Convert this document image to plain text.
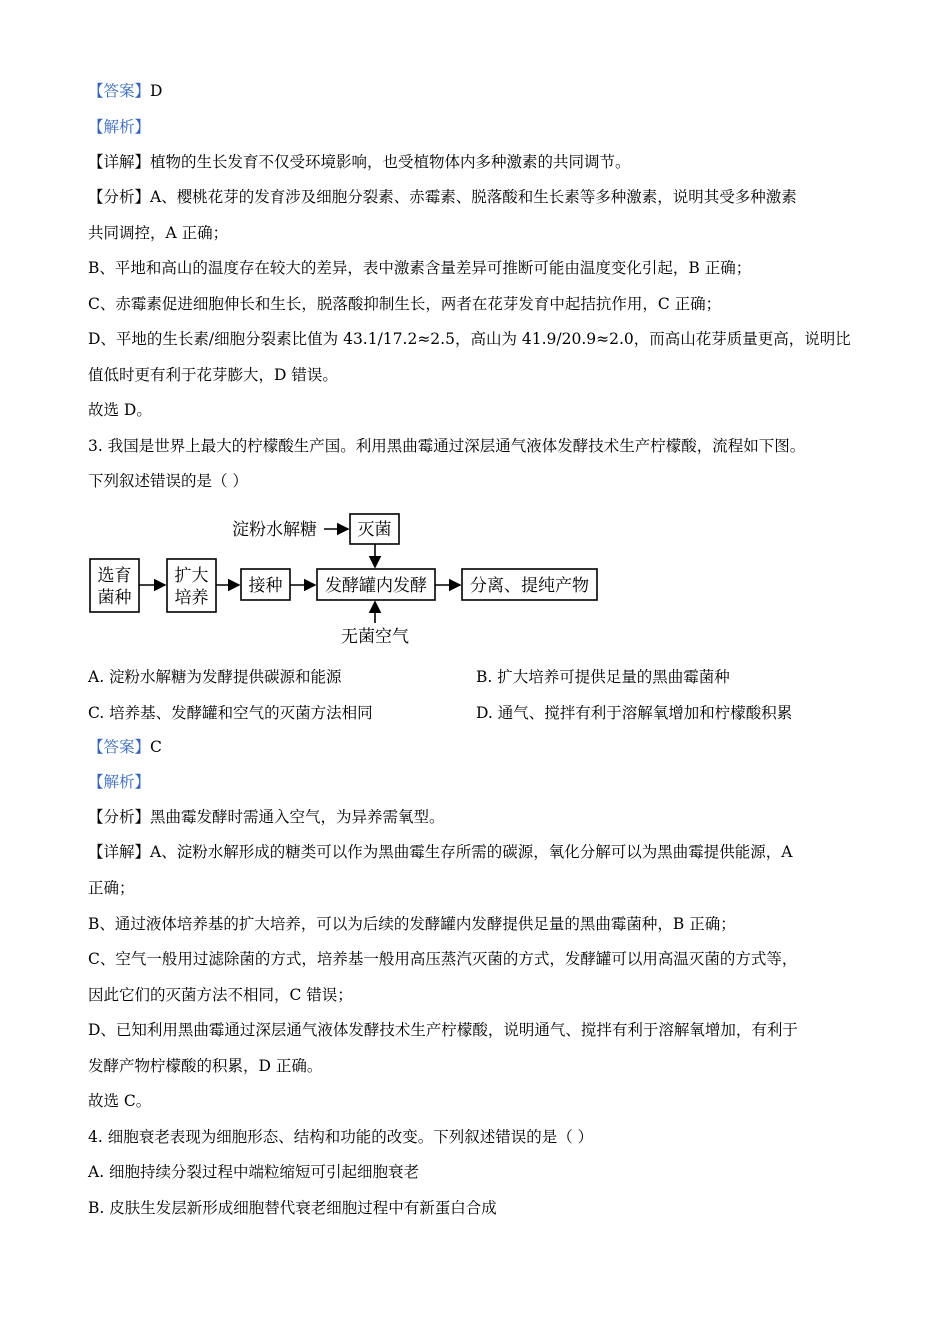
【答案】D
【解析】
【详解】植物的生长发育不仅受环境影响，也受植物体内多种激素的共同调节。
【分析】A、樱桃花芽的发育涉及细胞分裂素、赤霉素、脱落酸和生长素等多种激素，说明其受多种激素
共同调控，A 正确；
B、平地和高山的温度存在较大的差异，表中激素含量差异可推断可能由温度变化引起，B 正确；
C、赤霉素促进细胞伸长和生长，脱落酸抑制生长，两者在花芽发育中起拮抗作用，C 正确；
D、平地的生长素/细胞分裂素比值为 43.1/17.2≈2.5，高山为 41.9/20.9≈2.0，而高山花芽质量更高，说明比
值低时更有利于花芽膨大，D 错误。
故选 D。
3. 我国是世界上最大的柠檬酸生产国。利用黑曲霉通过深层通气液体发酵技术生产柠檬酸，流程如下图。
下列叙述错误的是（ ）
淀粉水解糖 灭菌
选育
菌种
扩大
培养
接种	发酵罐内发酵	分离、提纯产物
无菌空气
A. 淀粉水解糖为发酵提供碳源和能源	B. 扩大培养可提供足量的黑曲霉菌种
C. 培养基、发酵罐和空气的灭菌方法相同	D. 通气、搅拌有利于溶解氧增加和柠檬酸积累
【答案】C
【解析】
【分析】黑曲霉发酵时需通入空气，为异养需氧型。
【详解】A、淀粉水解形成的糖类可以作为黑曲霉生存所需的碳源，氧化分解可以为黑曲霉提供能源，A
正确；
B、通过液体培养基的扩大培养，可以为后续的发酵罐内发酵提供足量的黑曲霉菌种，B 正确；
C、空气一般用过滤除菌的方式，培养基一般用高压蒸汽灭菌的方式，发酵罐可以用高温灭菌的方式等，
因此它们的灭菌方法不相同，C 错误；
D、已知利用黑曲霉通过深层通气液体发酵技术生产柠檬酸，说明通气、搅拌有利于溶解氧增加，有利于
发酵产物柠檬酸的积累，D 正确。
故选 C。
4. 细胞衰老表现为细胞形态、结构和功能的改变。下列叙述错误的是（ ）
A. 细胞持续分裂过程中端粒缩短可引起细胞衰老
B. 皮肤生发层新形成细胞替代衰老细胞过程中有新蛋白合成
